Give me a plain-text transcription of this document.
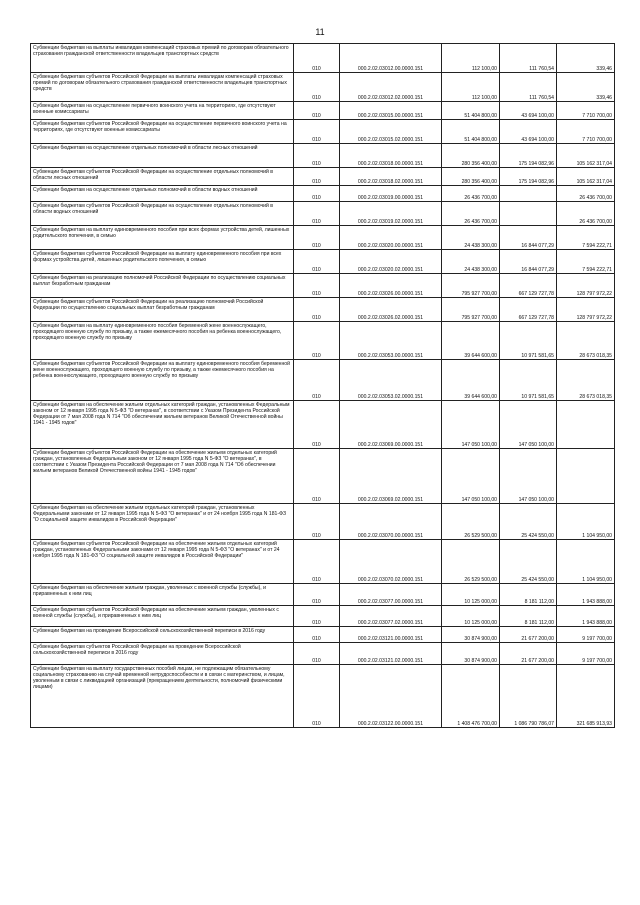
11
Субвенции бюджетам на выплаты инвалидам компенсаций страховых премий по договорам обязательного страхования гражданской ответственности владельцев транспортных средств	010	000.2.02.03012.00.0000.151	112 100,00	111 760,54	339,46
Субвенции бюджетам субъектов Российской Федерации на выплаты инвалидам компенсаций страховых премий по договорам обязательного страхования гражданской ответственности владельцев транспортных средств	010	000.2.02.03012.02.0000.151	112 100,00	111 760,54	339,46
Субвенции бюджетам на осуществление первичного воинского учета на территориях, где отсутствуют военные комиссариаты	010	000.2.02.03015.00.0000.151	51 404 800,00	43 694 100,00	7 710 700,00
Субвенции бюджетам субъектов Российской Федерации на осуществление первичного воинского учета на территориях, где отсутствуют военные комиссариаты	010	000.2.02.03015.02.0000.151	51 404 800,00	43 694 100,00	7 710 700,00
Субвенции бюджетам на осуществление отдельных полномочий в области лесных отношений	010	000.2.02.03018.00.0000.151	280 356 400,00	175 194 082,96	105 162 317,04
Субвенции бюджетам субъектов Российской Федерации на осуществление отдельных полномочий в области лесных отношений	010	000.2.02.03018.02.0000.151	280 356 400,00	175 194 082,96	105 162 317,04
Субвенции бюджетам на осуществление отдельных полномочий в области водных отношений	010	000.2.02.03019.00.0000.151	26 436 700,00		26 436 700,00
Субвенции бюджетам субъектов Российской Федерации на осуществление отдельных полномочий в области водных отношений	010	000.2.02.03019.02.0000.151	26 436 700,00		26 436 700,00
Субвенции бюджетам на выплату единовременного пособия при всех формах устройства детей, лишенных родительского попечения, в семью	010	000.2.02.03020.00.0000.151	24 438 300,00	16 844 077,29	7 594 222,71
Субвенции бюджетам субъектов Российской Федерации на выплату единовременного пособия при всех формах устройства детей, лишенных родительского попечения, в семью	010	000.2.02.03020.02.0000.151	24 438 300,00	16 844 077,29	7 594 222,71
Субвенции бюджетам на реализацию полномочий Российской Федерации по осуществлению социальных выплат безработным гражданам	010	000.2.02.03026.00.0000.151	795 927 700,00	667 129 727,78	128 797 972,22
Субвенции бюджетам субъектов Российской Федерации на реализацию полномочий Российской Федерации по осуществлению социальных выплат безработным гражданам	010	000.2.02.03026.02.0000.151	795 927 700,00	667 129 727,78	128 797 972,22
Субвенции бюджетам на выплату единовременного пособия беременной жене военнослужащего, проходящего военную службу по призыву, а также ежемесячного пособия на ребенка военнослужащего, проходящего военную службу по призыву	010	000.2.02.03053.00.0000.151	39 644 600,00	10 971 581,65	28 673 018,35
Субвенции бюджетам субъектов Российской Федерации на выплату единовременного пособия беременной жене военнослужащего, проходящего военную службу по призыву, а также ежемесячного пособия на ребенка военнослужащего, проходящего военную службу по призыву	010	000.2.02.03053.02.0000.151	39 644 600,00	10 971 581,65	28 673 018,35
Субвенции бюджетам на обеспечение жильем отдельных категорий граждан, установленных Федеральным законом от 12 января 1995 года N 5-ФЗ "О ветеранах", в соответствии с Указом Президента Российской Федерации от 7 мая 2008 года N 714 "Об обеспечении жильем ветеранов Великой Отечественной войны 1941 - 1945 годов"	010	000.2.02.03069.00.0000.151	147 050 100,00	147 050 100,00	
Субвенции бюджетам субъектов Российской Федерации на обеспечение жильем отдельных категорий граждан, установленных Федеральным законом от 12 января 1995 года N 5-ФЗ "О ветеранах", в соответствии с Указом Президента Российской Федерации от 7 мая 2008 года N 714 "Об обеспечении жильем ветеранов Великой Отечественной войны 1941 - 1945 годов"	010	000.2.02.03069.02.0000.151	147 050 100,00	147 050 100,00	
Субвенции бюджетам на обеспечение жильем отдельных категорий граждан, установленных Федеральными законами от 12 января 1995 года N 5-ФЗ "О ветеранах" и от 24 ноября 1995 года N 181-ФЗ "О социальной защите инвалидов в Российской Федерации"	010	000.2.02.03070.00.0000.151	26 529 500,00	25 424 550,00	1 104 950,00
Субвенции бюджетам субъектов Российской Федерации на обеспечение жильем отдельных категорий граждан, установленных Федеральными законами от 12 января 1995 года N 5-ФЗ "О ветеранах" и от 24 ноября 1995 года N 181-ФЗ "О социальной защите инвалидов в Российской Федерации"	010	000.2.02.03070.02.0000.151	26 529 500,00	25 424 550,00	1 104 950,00
Субвенции бюджетам на обеспечение жильем граждан, уволенных с военной службы (службы), и приравненных к ним лиц	010	000.2.02.03077.00.0000.151	10 125 000,00	8 181 112,00	1 943 888,00
Субвенции бюджетам субъектов Российской Федерации на обеспечение жильем граждан, уволенных с военной службы (службы), и приравненных к ним лиц	010	000.2.02.03077.02.0000.151	10 125 000,00	8 181 112,00	1 943 888,00
Субвенции бюджетам на проведение Всероссийской сельскохозяйственной переписи в 2016 году	010	000.2.02.03121.00.0000.151	30 874 900,00	21 677 200,00	9 197 700,00
Субвенции бюджетам субъектов Российской Федерации на проведение Всероссийской сельскохозяйственной переписи в 2016 году	010	000.2.02.03121.02.0000.151	30 874 900,00	21 677 200,00	9 197 700,00
Субвенции бюджетам на выплату государственных пособий лицам, не подлежащим обязательному социальному страхованию на случай временной нетрудоспособности и в связи с материнством, и лицам, уволенным в связи с ликвидацией организаций (прекращением деятельности, полномочий физическими лицами)	010	000.2.02.03122.00.0000.151	1 408 476 700,00	1 086 790 786,07	321 685 913,93
